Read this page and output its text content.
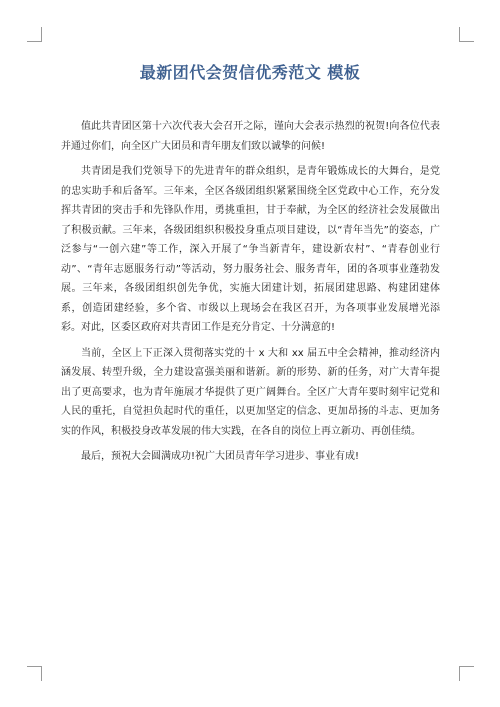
最新团代会贺信优秀范文 模板

值此共青团区第十六次代表大会召开之际，谨向大会表示热烈的祝贺!向各位代表并通过你们，向全区广大团员和青年朋友们致以诚挚的问候!

共青团是我们党领导下的先进青年的群众组织，是青年锻炼成长的大舞台，是党的忠实助手和后备军。三年来，全区各级团组织紧紧围绕全区党政中心工作，充分发挥共青团的突击手和先锋队作用，勇挑重担，甘于奉献，为全区的经济社会发展做出了积极贡献。三年来，各级团组织积极投身重点项目建设，以“青年当先”的姿态，广泛参与“一创六建”等工作，深入开展了“争当新青年，建设新农村”、“青春创业行动”、“青年志愿服务行动”等活动，努力服务社会、服务青年，团的各项事业蓬勃发展。三年来，各级团组织创先争优，实施大团建计划，拓展团建思路、构建团建体系，创造团建经验，多个省、市级以上现场会在我区召开，为各项事业发展增光添彩。对此，区委区政府对共青团工作是充分肯定、十分满意的!

当前，全区上下正深入贯彻落实党的十 x 大和 xx 届五中全会精神，推动经济内涵发展、转型升级，全力建设富强美丽和谐新。新的形势、新的任务，对广大青年提出了更高要求，也为青年施展才华提供了更广阔舞台。全区广大青年要时刻牢记党和人民的重托，自觉担负起时代的重任，以更加坚定的信念、更加昂扬的斗志、更加务实的作风，积极投身改革发展的伟大实践，在各自的岗位上再立新功、再创佳绩。

最后，预祝大会圆满成功!祝广大团员青年学习进步、事业有成!
